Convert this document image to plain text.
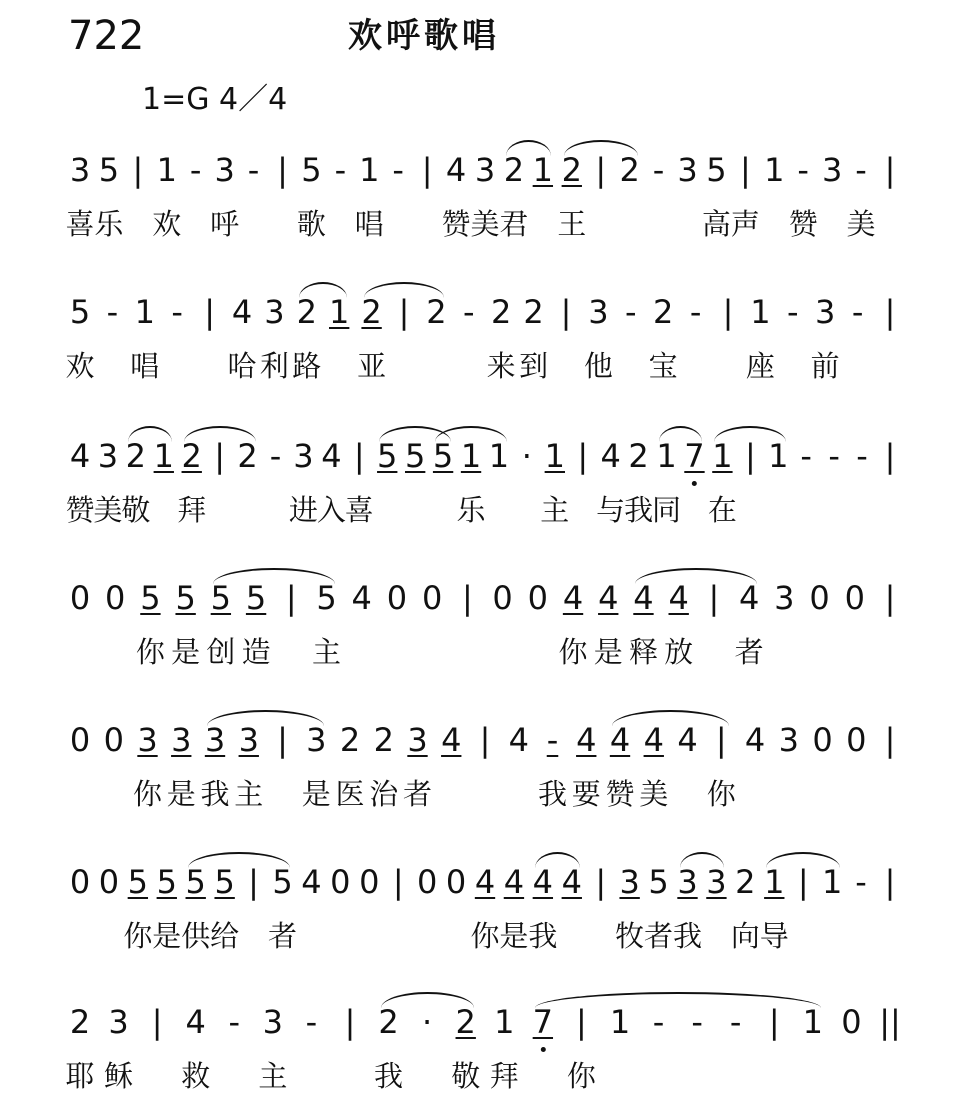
722	欢呼歌唱
1=G 4／4
3 5 | 1 - 3 - | 5 - 1 - | 4 3 2 1 2 | 2 - 3 5 | 1 - 3 - |
喜 乐 欢 呼 歌 唱 赞 美 君 王	高 声 赞 美
5 - 1 - | 4 3 2 1 2 | 2 - 2 2 | 3 - 2 - | 1 - 3 - |
欢 唱 哈 利 路 亚	来 到 他 宝 座 前
4 3 2 1 2 | 2 - 3 4 | 5 5 5 1 1 · 1 | 4 2 1 7 1 | 1 - - - |
赞
美
敬 拜	进
入
喜	乐 主 与
我
同 在
0 0 5 5 5 5 | 5 4 0 0 | 0 0 4 4 4 4 | 4 3 0 0 |
你 是 创 造 主	你 是 释 放 者
0 0 3 3 3 3 | 3 2 2 3 4 | 4 - 4 4 4 4 | 4 3 0 0 |
你 是 我 主 是 医 治 者	我 要 赞 美 你
0 0 5 5 5 5 | 5 4 0 0 | 0 0 4 4 4 4 | 3 5 3 3 2 1 | 1 - |
你 是 供 给 者	你 是 我 牧 者 我 向 导
2 3 | 4 - 3 - | 2 · 2 1 7 | 1 - - - | 1 0 ||
耶 稣 救 主	我 敬 拜 你
